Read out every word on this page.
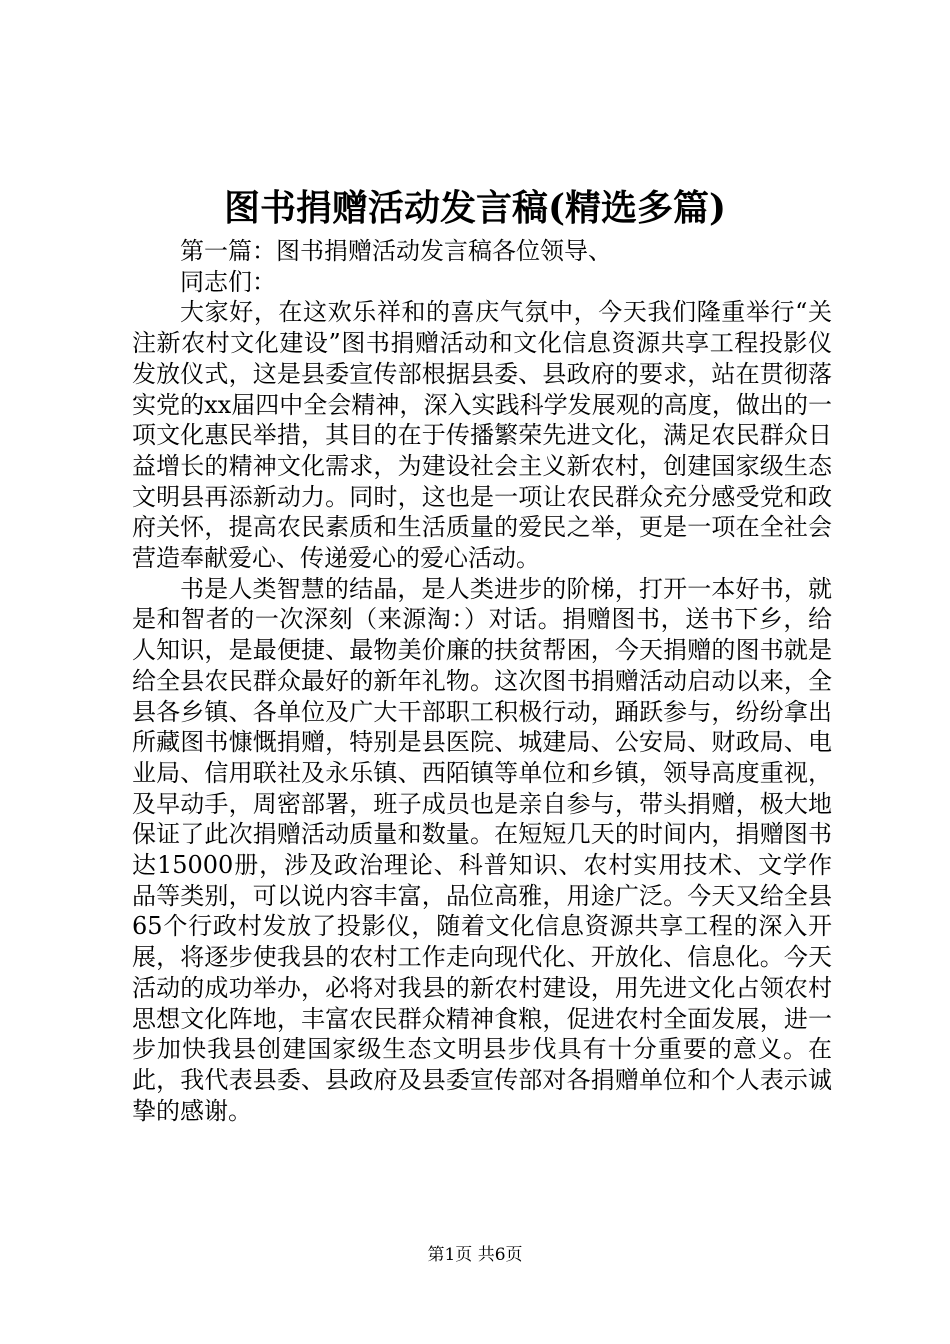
图书捐赠活动发言稿(精选多篇)

第一篇：图书捐赠活动发言稿各位领导、

同志们：

大家好，在这欢乐祥和的喜庆气氛中，今天我们隆重举行“关注新农村文化建设”图书捐赠活动和文化信息资源共享工程投影仪发放仪式，这是县委宣传部根据县委、县政府的要求，站在贯彻落实党的xx届四中全会精神，深入实践科学发展观的高度，做出的一项文化惠民举措，其目的在于传播繁荣先进文化，满足农民群众日益增长的精神文化需求，为建设社会主义新农村，创建国家级生态文明县再添新动力。同时，这也是一项让农民群众充分感受党和政府关怀，提高农民素质和生活质量的爱民之举，更是一项在全社会营造奉献爱心、传递爱心的爱心活动。

书是人类智慧的结晶，是人类进步的阶梯，打开一本好书，就是和智者的一次深刻（来源淘：）对话。捐赠图书，送书下乡，给人知识，是最便捷、最物美价廉的扶贫帮困，今天捐赠的图书就是给全县农民群众最好的新年礼物。这次图书捐赠活动启动以来，全县各乡镇、各单位及广大干部职工积极行动，踊跃参与，纷纷拿出所藏图书慷慨捐赠，特别是县医院、城建局、公安局、财政局、电业局、信用联社及永乐镇、西陌镇等单位和乡镇，领导高度重视，及早动手，周密部署，班子成员也是亲自参与，带头捐赠，极大地保证了此次捐赠活动质量和数量。在短短几天的时间内，捐赠图书达15000册，涉及政治理论、科普知识、农村实用技术、文学作品等类别，可以说内容丰富，品位高雅，用途广泛。今天又给全县65个行政村发放了投影仪，随着文化信息资源共享工程的深入开展，将逐步使我县的农村工作走向现代化、开放化、信息化。今天活动的成功举办，必将对我县的新农村建设，用先进文化占领农村思想文化阵地，丰富农民群众精神食粮，促进农村全面发展，进一步加快我县创建国家级生态文明县步伐具有十分重要的意义。在此，我代表县委、县政府及县委宣传部对各捐赠单位和个人表示诚挚的感谢。

第1页 共6页
